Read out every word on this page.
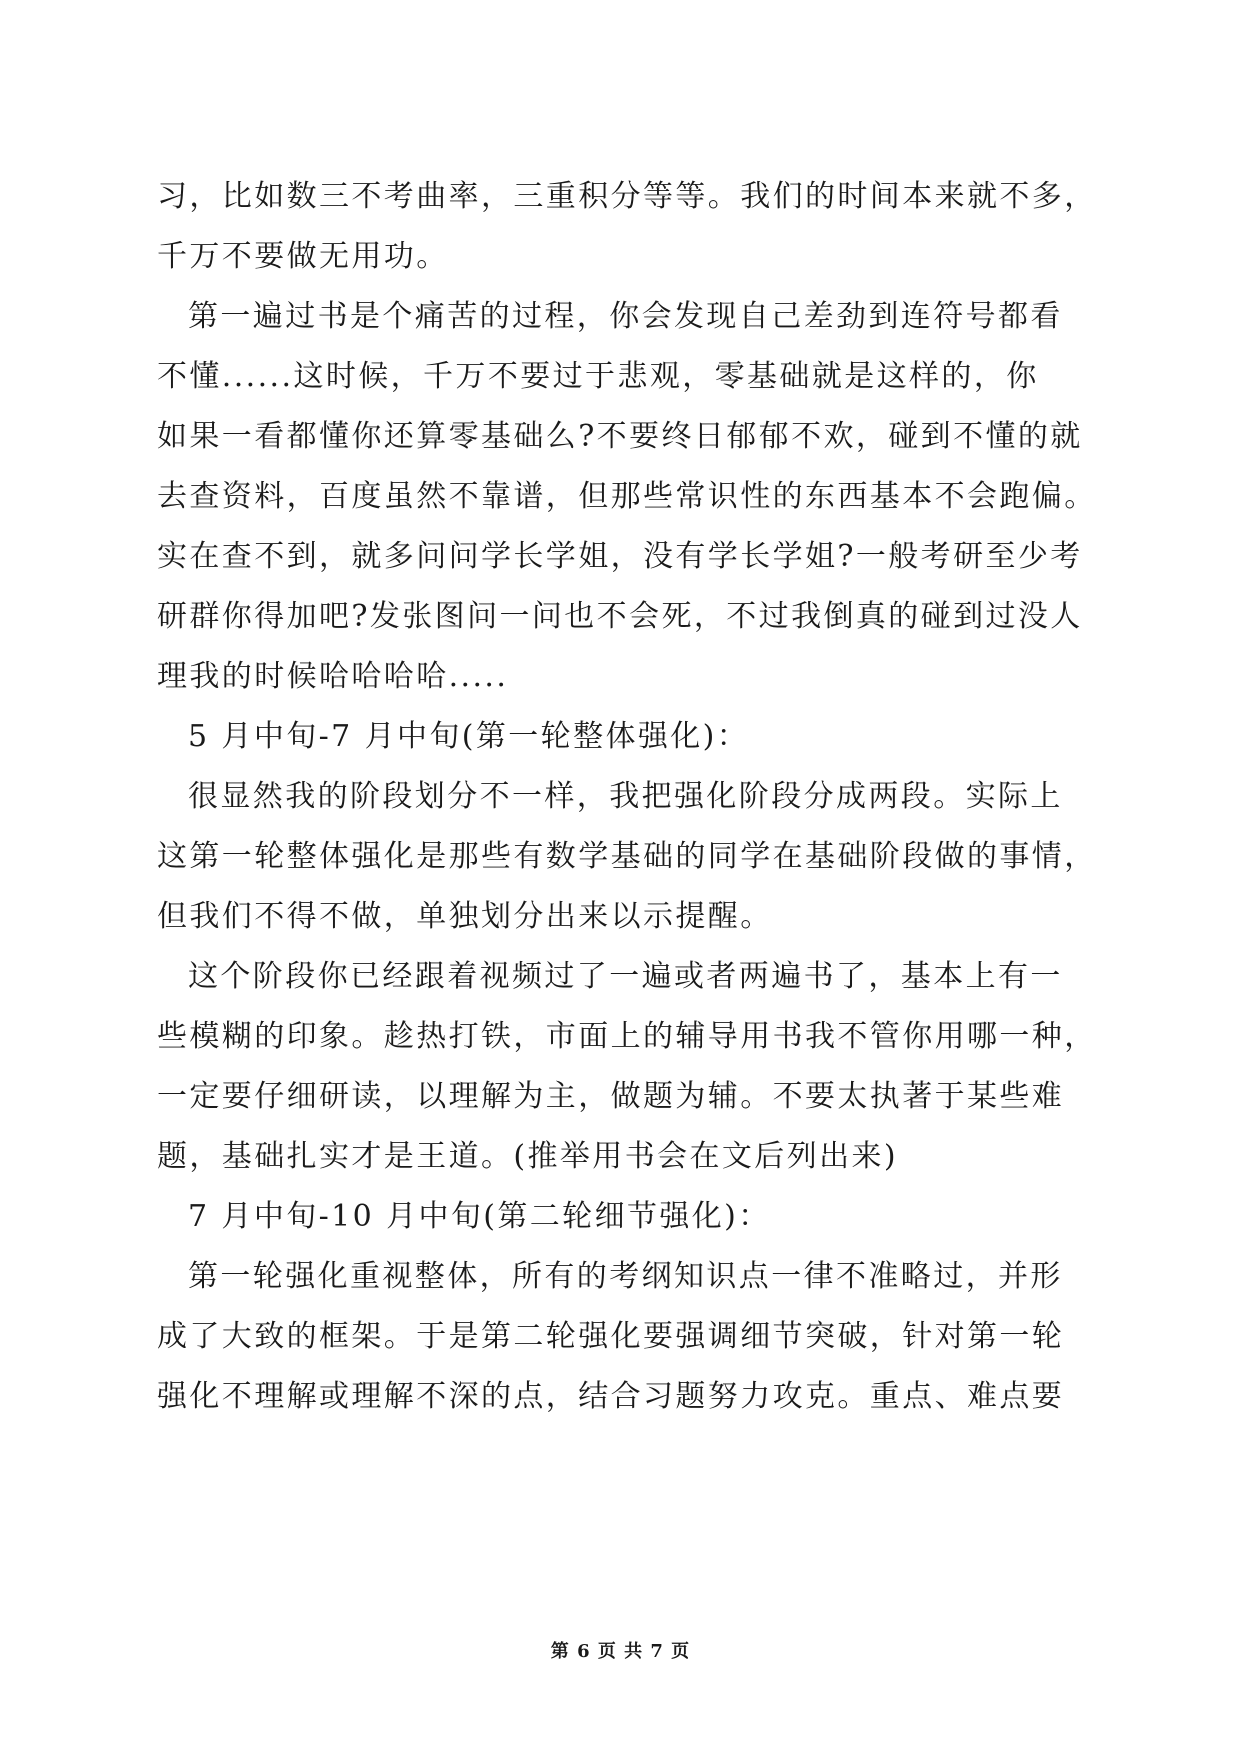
习，比如数三不考曲率，三重积分等等。我们的时间本来就不多，
千万不要做无用功。
第一遍过书是个痛苦的过程，你会发现自己差劲到连符号都看
不懂......这时候，千万不要过于悲观，零基础就是这样的，你
如果一看都懂你还算零基础么?不要终日郁郁不欢，碰到不懂的就
去查资料，百度虽然不靠谱，但那些常识性的东西基本不会跑偏。
实在查不到，就多问问学长学姐，没有学长学姐?一般考研至少考
研群你得加吧?发张图问一问也不会死，不过我倒真的碰到过没人
理我的时候哈哈哈哈.....
5 月中旬-7 月中旬(第一轮整体强化)：
很显然我的阶段划分不一样，我把强化阶段分成两段。实际上
这第一轮整体强化是那些有数学基础的同学在基础阶段做的事情，
但我们不得不做，单独划分出来以示提醒。
这个阶段你已经跟着视频过了一遍或者两遍书了，基本上有一
些模糊的印象。趁热打铁，市面上的辅导用书我不管你用哪一种，
一定要仔细研读，以理解为主，做题为辅。不要太执著于某些难
题，基础扎实才是王道。(推举用书会在文后列出来)
7 月中旬-10 月中旬(第二轮细节强化)：
第一轮强化重视整体，所有的考纲知识点一律不准略过，并形
成了大致的框架。于是第二轮强化要强调细节突破，针对第一轮
强化不理解或理解不深的点，结合习题努力攻克。重点、难点要
第 6 页 共 7 页
